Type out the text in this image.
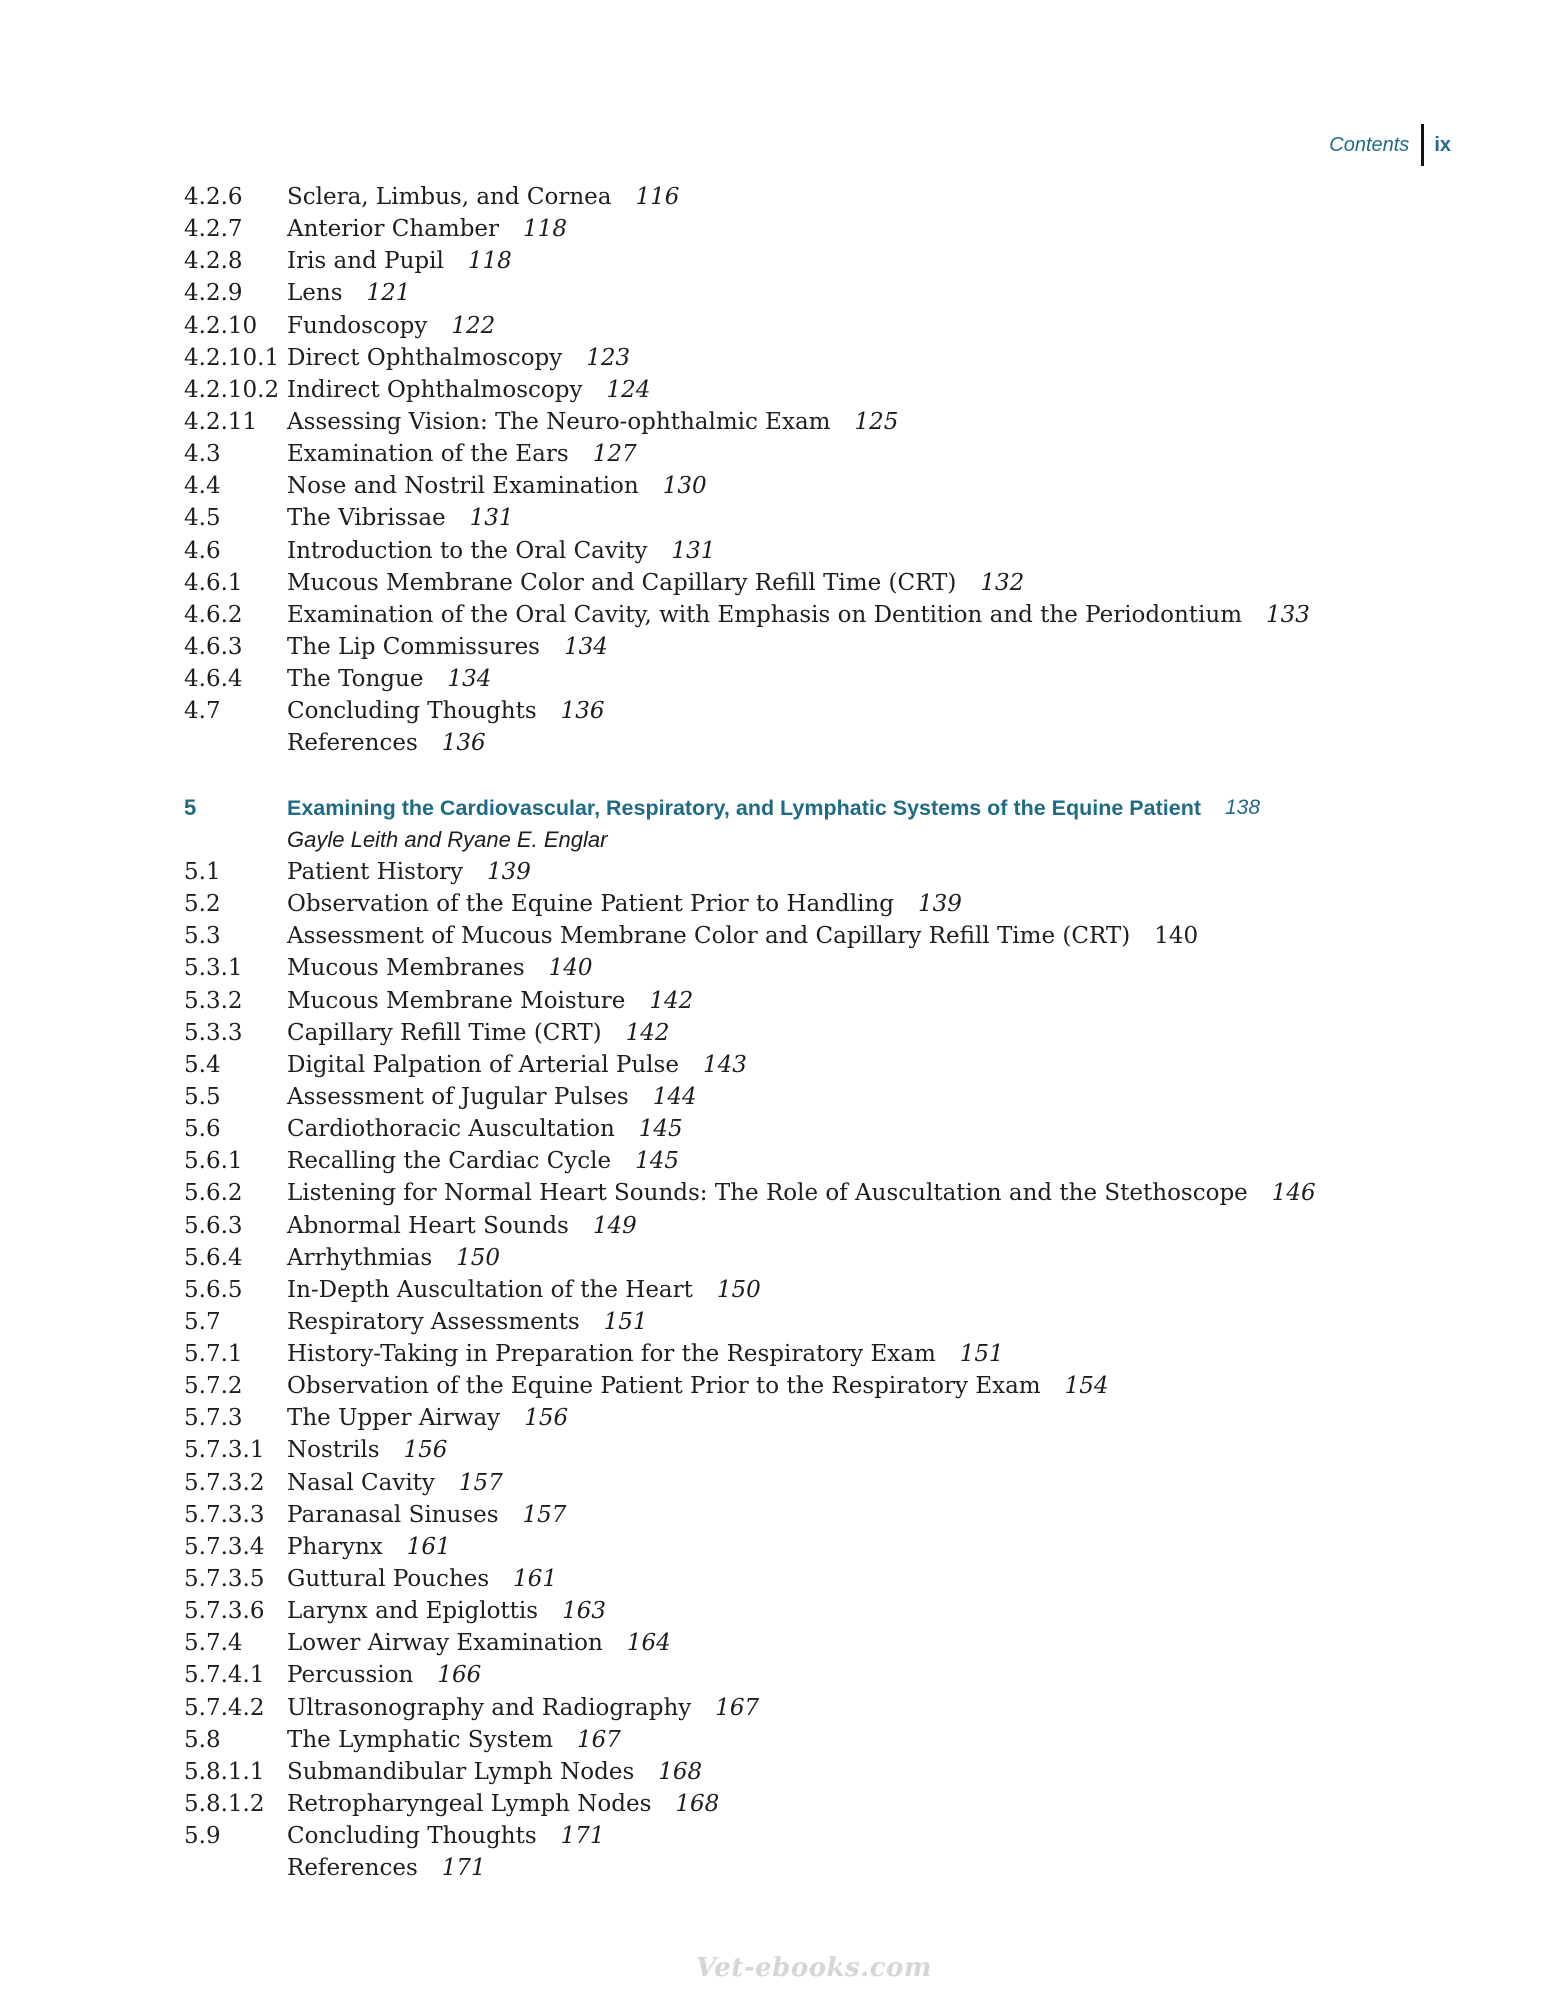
Contents ix
4.2.6	Sclera, Limbus, and Cornea 116
4.2.7	Anterior Chamber 118
4.2.8	Iris and Pupil 118
4.2.9	Lens 121
4.2.10	Fundoscopy 122
4.2.10.1 Direct Ophthalmoscopy 123
4.2.10.2 Indirect Ophthalmoscopy 124
4.2.11	Assessing Vision: The Neuro-ophthalmic Exam 125
4.3	Examination of the Ears 127
4.4	Nose and Nostril Examination 130
4.5	The Vibrissae 131
4.6	Introduction to the Oral Cavity 131
4.6.1	Mucous Membrane Color and Capillary Refill Time (CRT) 132
4.6.2	Examination of the Oral Cavity, with Emphasis on Dentition and the Periodontium 133
4.6.3	The Lip Commissures 134
4.6.4	The Tongue 134
4.7	Concluding Thoughts 136
References 136
5	Examining the Cardiovascular, Respiratory, and Lymphatic Systems of the Equine Patient 138
Gayle Leith and Ryane E. Englar
5.1	Patient History 139
5.2	Observation of the Equine Patient Prior to Handling 139
5.3	Assessment of Mucous Membrane Color and Capillary Refill Time (CRT) 140
5.3.1	Mucous Membranes 140
5.3.2	Mucous Membrane Moisture 142
5.3.3	Capillary Refill Time (CRT) 142
5.4	Digital Palpation of Arterial Pulse 143
5.5	Assessment of Jugular Pulses 144
5.6	Cardiothoracic Auscultation 145
5.6.1	Recalling the Cardiac Cycle 145
5.6.2	Listening for Normal Heart Sounds: The Role of Auscultation and the Stethoscope 146
5.6.3	Abnormal Heart Sounds 149
5.6.4	Arrhythmias 150
5.6.5	In-Depth Auscultation of the Heart 150
5.7	Respiratory Assessments 151
5.7.1	History-Taking in Preparation for the Respiratory Exam 151
5.7.2	Observation of the Equine Patient Prior to the Respiratory Exam 154
5.7.3	The Upper Airway 156
5.7.3.1 Nostrils 156
5.7.3.2 Nasal Cavity 157
5.7.3.3 Paranasal Sinuses 157
5.7.3.4 Pharynx 161
5.7.3.5 Guttural Pouches 161
5.7.3.6 Larynx and Epiglottis 163
5.7.4	Lower Airway Examination 164
5.7.4.1 Percussion 166
5.7.4.2 Ultrasonography and Radiography 167
5.8	The Lymphatic System 167
5.8.1.1 Submandibular Lymph Nodes 168
5.8.1.2 Retropharyngeal Lymph Nodes 168
5.9	Concluding Thoughts 171
References 171
Vet-ebooks.com
